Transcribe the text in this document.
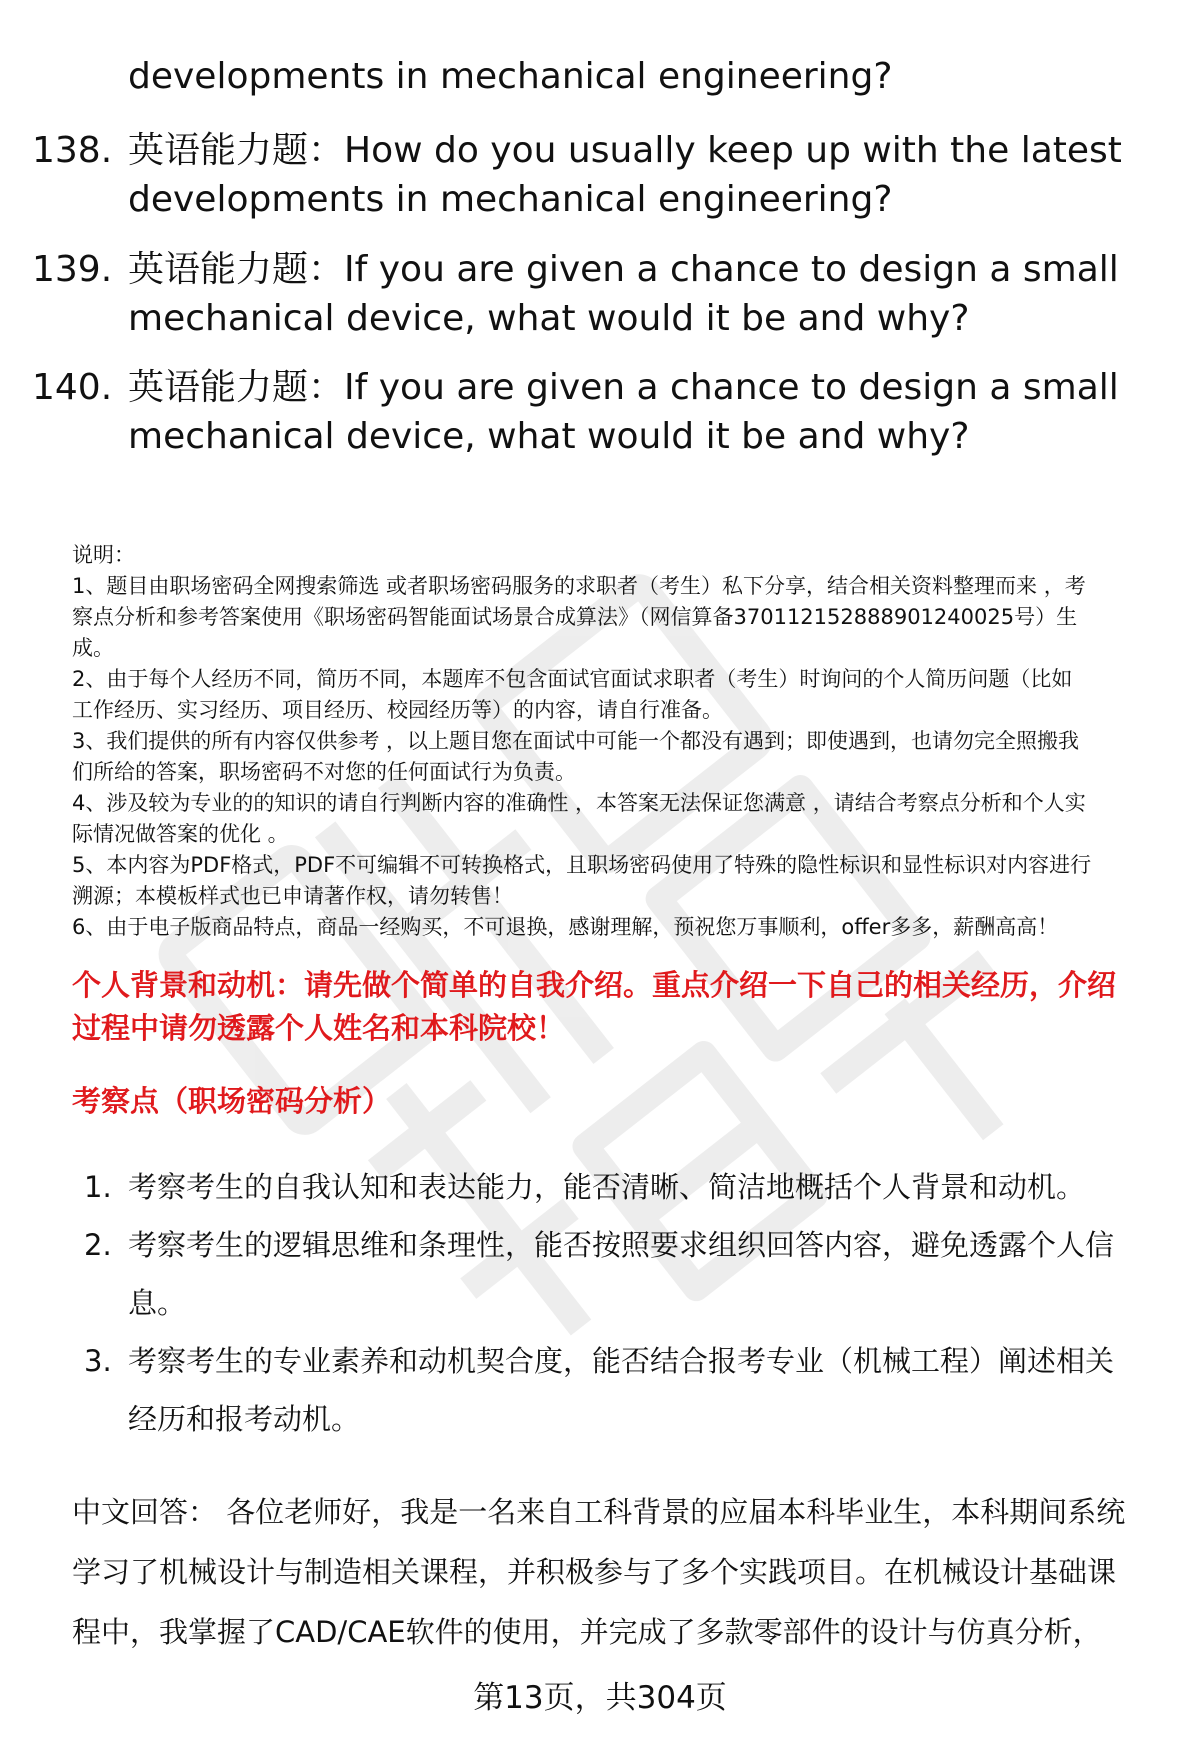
developments in mechanical engineering?
138. 英语能力题：How do you usually keep up with the latest
developments in mechanical engineering?
139. 英语能力题：If you are given a chance to design a small
mechanical device, what would it be and why?
140. 英语能力题：If you are given a chance to design a small
mechanical device, what would it be and why?
说明：
1、题目由职场密码全网搜索筛选 或者职场密码服务的求职者（考生）私下分享，结合相关资料整理而来 ，考
察点分析和参考答案使用《职场密码智能面试场景合成算法》（网信算备370112152888901240025号）生
成。
2、由于每个人经历不同，简历不同，本题库不包含面试官面试求职者（考生）时询问的个人简历问题（比如
工作经历、实习经历、项目经历、校园经历等）的内容，请自行准备。
3、我们提供的所有内容仅供参考 ，以上题目您在面试中可能一个都没有遇到；即使遇到，也请勿完全照搬我
们所给的答案，职场密码不对您的任何面试行为负责。
4、涉及较为专业的的知识的请自行判断内容的准确性 ，本答案无法保证您满意 ，请结合考察点分析和个人实
际情况做答案的优化 。
5、本内容为PDF格式，PDF不可编辑不可转换格式，且职场密码使用了特殊的隐性标识和显性标识对内容进行
溯源；本模板样式也已申请著作权，请勿转售！
6、由于电子版商品特点，商品一经购买，不可退换，感谢理解，预祝您万事顺利，offer多多，薪酬高高！
个人背景和动机：请先做个简单的自我介绍。重点介绍一下自己的相关经历，介绍
过程中请勿透露个人姓名和本科院校！
考察点（职场密码分析）
1. 考察考生的自我认知和表达能力，能否清晰、简洁地概括个人背景和动机。
2. 考察考生的逻辑思维和条理性，能否按照要求组织回答内容，避免透露个人信
息。
3. 考察考生的专业素养和动机契合度，能否结合报考专业（机械工程）阐述相关
经历和报考动机。
中文回答： 各位老师好，我是一名来自工科背景的应届本科毕业生，本科期间系统
学习了机械设计与制造相关课程，并积极参与了多个实践项目。在机械设计基础课
程中，我掌握了CAD/CAE软件的使用，并完成了多款零部件的设计与仿真分析，
第13页，共304页
